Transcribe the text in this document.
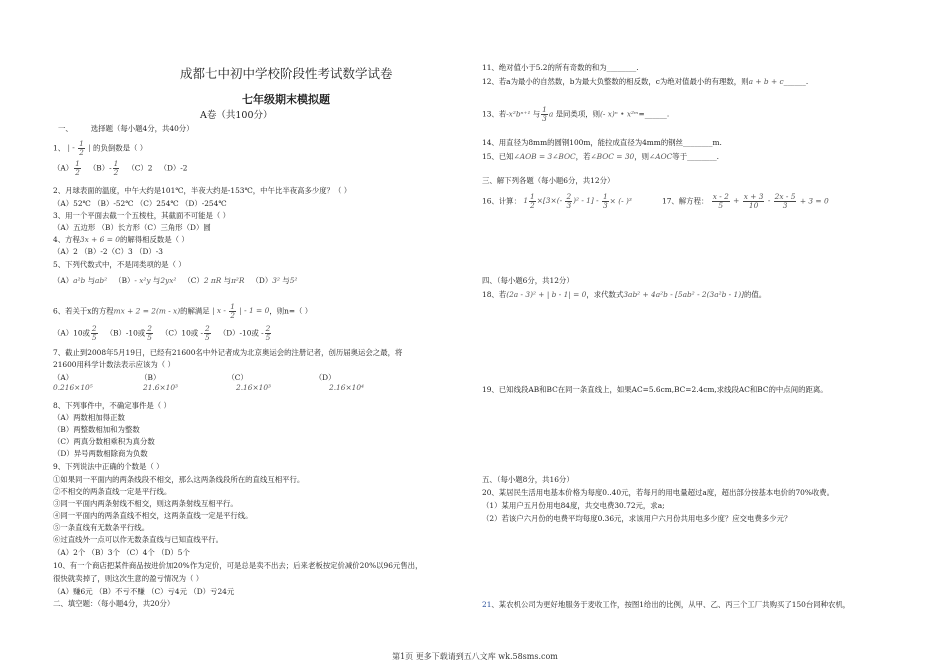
成都七中初中学校阶段性考试数学试卷
七年级期末模拟题
A卷（共100分）
一、 选择题（每小题4分，共40分）
1、 | - $\frac{1}{2}$ | 的负倒数是（ ）
$(A) \frac{1}{2} (B)- \frac{1}{2} (C)2$ （D）-2
2、月球表面的温度，中午大约是101℃，半夜大约是-153℃，中午比半夜高多少度？（ ）
（A）52℃ （B）-52℃ （C）254℃ （D）-254℃
3、用一个平面去截一个五棱柱，其截面不可能是（ ）
（A）五边形 （B）长方形（C）三角形（D）圆
4、方程3x + 6 = 0的解得相反数是（ ）
（A）2 （B）-2（C）3 （D）-3
5、下列代数式中，不是同类项的是（ ）
（A）a²b 与ab² （B）- x²y 与2yx² （C）2 πR 与π²R （D）3² 与5²
6、若关于x的方程mx + 2 = 2(m - x)的解满足 | x - $\frac{1}{2}$ | - 1 = 0，则n=（ ）
（A）10或 $\frac{2}{5} (B)-10$或 $\frac{2}{5} (C)10$或 - $\frac{2}{5} (D)-10$或 - $\frac{2}{5}$
7、截止到2008年5月19日，已经有21600名中外记者成为北京奥运会的注册记者，创历届奥运会之最，将
21600用科学计数法表示应该为（ ）
（A）	（B）	（C）	（D）
0.216×10⁵	21.6×10³	2.16×10³	2.16×10⁴
8、下列事件中，不确定事件是（ ）
（A）两数相加得正数
（B）两整数相加和为整数
（C）两真分数相乘积为真分数
（D）异号两数相除商为负数
9、下列说法中正确的个数是（ ）
①如果同一平面内的两条线段不相交，那么这两条线段所在的直线互相平行。
②不相交的两条直线一定是平行线。
③同一平面内两条射线不相交，则这两条射线互相平行。
④同一平面内的两条直线不相交，这两条直线一定是平行线。
⑤一条直线有无数条平行线。
⑥过直线外一点可以作无数条直线与已知直线平行。
（A）2个 （B）3个 （C）4个 （D）5个
10、有一个商店把某件商品按进价加20%作为定价，可是总是卖不出去；后来老板按定价减价20%以96元售出，
很快就卖掉了，则这次生意的盈亏情况为（ ）
（A）赚6元 （B）不亏不赚 （C）亏4元 （D）亏24元
二、填空题：（每小题4分，共20分）
11、绝对值小于5.2的所有奇数的和为________.
12、若a为最小的自然数，b为最大负整数的相反数，c为绝对值最小的有理数，则a + b + c______.
13、若-x²bⁿ⁺¹ 与 $\frac{1}{3}$ a 是同类项，则(- x)ⁿ • x²ᵐ=______.
14、用直径为8mm的圆钢100m，能拉成直径为4mm的钢丝________m.
15、已知∠AOB = 3∠BOC，若∠BOC = 30，则∠AOC等于________.
三、解下列各题（每小题6分，共12分）
16、计算： $1 \frac{1}{2} \times[3\times(- \frac{2}{3} )^2 - 1] - \frac{1}{3}$ × (- )³	17、解方程： $\frac{x - 2}{5} + \frac{x + 3}{10} - \frac{2x - 5}{3} + 3 = 0$
四、（每小题6分，共12分）
18、若(2a - 3)² + | b - 1| = 0，求代数式3ab² + 4a²b - [5ab² - 2(3a²b - 1)]的值。
19、已知线段AB和BC在同一条直线上，如果AC=5.6cm,BC=2.4cm,求线段AC和BC的中点间的距离。
五、（每小题8分，共16分）
20、某居民生活用电基本价格为每度0..40元，若每月的用电量超过a度，超出部分按基本电价的70%收费。
（1）某用户五月份用电84度，共交电费30.72元，求a;
（2）若该户六月份的电费平均每度0.36元，求该用户六月份共用电多少度？应交电费多少元？
21、某农机公司为更好地服务于麦收工作，按图1给出的比例，从甲、乙、丙三个工厂共购买了150台同种农机，
第1页 更多下载请到五八文库 wk.58sms.com
